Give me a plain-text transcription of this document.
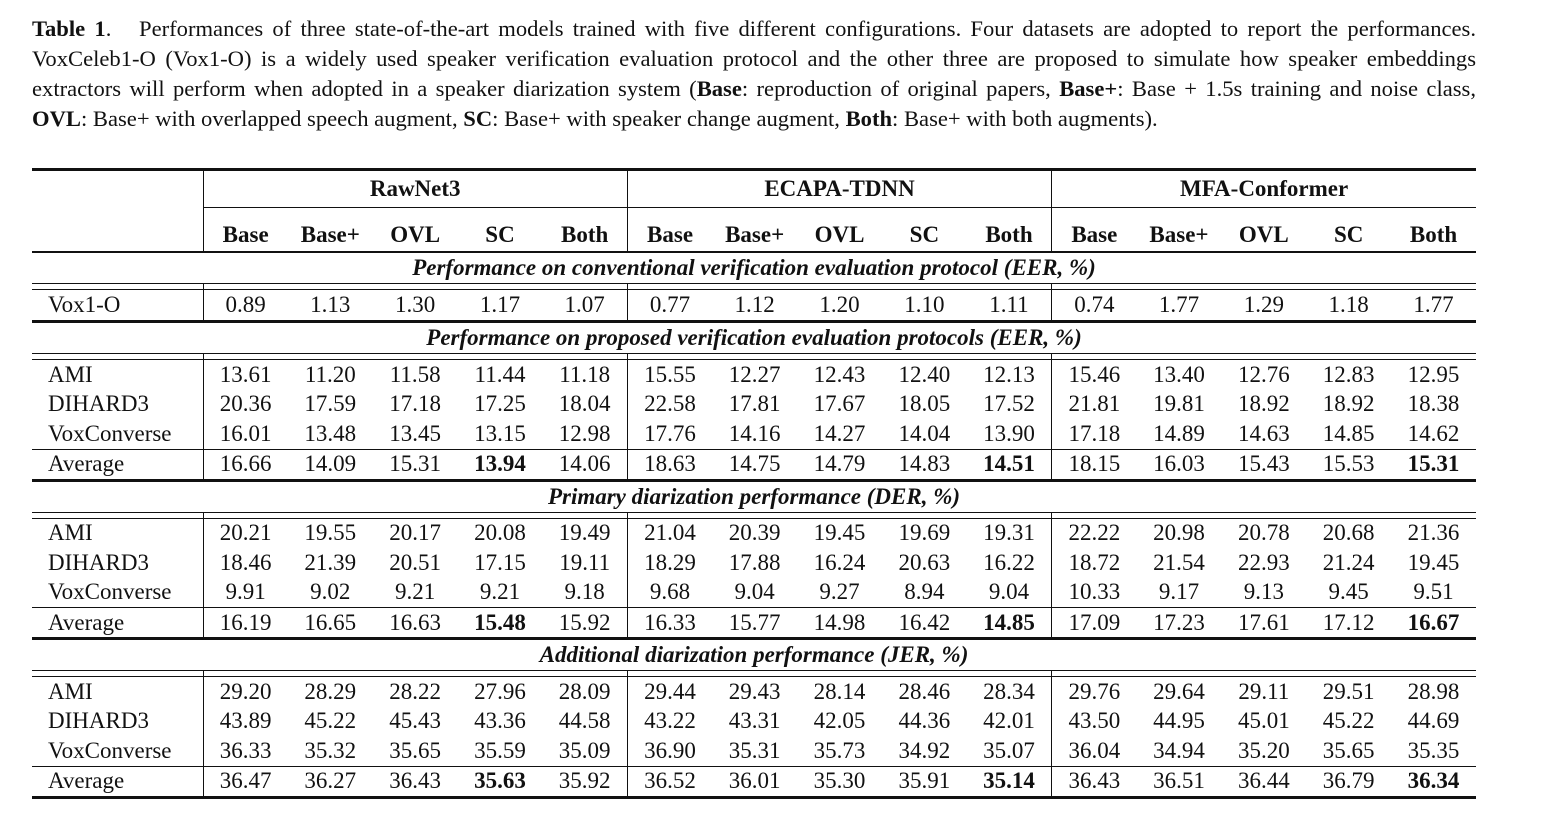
Table 1.   Performances of three state-of-the-art models trained with five different configurations. Four datasets are adopted to report the performances. VoxCeleb1-O (Vox1-O) is a widely used speaker verification evaluation protocol and the other three are proposed to simulate how speaker embeddings extractors will perform when adopted in a speaker diarization system (Base: reproduction of original papers, Base+: Base + 1.5s training and noise class, OVL: Base+ with overlapped speech augment, SC: Base+ with speaker change augment, Both: Base+ with both augments).
	RawNet3					ECAPA-TDNN					MFA-Conformer				
	Base	Base+	OVL	SC	Both	Base	Base+	OVL	SC	Both	Base	Base+	OVL	SC	Both
Performance on conventional verification evaluation protocol (EER, %)															

Vox1-O	0.89	1.13	1.30	1.17	1.07	0.77	1.12	1.20	1.10	1.11	0.74	1.77	1.29	1.18	1.77
Performance on proposed verification evaluation protocols (EER, %)															

AMI	13.61	11.20	11.58	11.44	11.18	15.55	12.27	12.43	12.40	12.13	15.46	13.40	12.76	12.83	12.95
DIHARD3	20.36	17.59	17.18	17.25	18.04	22.58	17.81	17.67	18.05	17.52	21.81	19.81	18.92	18.92	18.38
VoxConverse	16.01	13.48	13.45	13.15	12.98	17.76	14.16	14.27	14.04	13.90	17.18	14.89	14.63	14.85	14.62
Average	16.66	14.09	15.31	13.94	14.06	18.63	14.75	14.79	14.83	14.51	18.15	16.03	15.43	15.53	15.31
Primary diarization performance (DER, %)															

AMI	20.21	19.55	20.17	20.08	19.49	21.04	20.39	19.45	19.69	19.31	22.22	20.98	20.78	20.68	21.36
DIHARD3	18.46	21.39	20.51	17.15	19.11	18.29	17.88	16.24	20.63	16.22	18.72	21.54	22.93	21.24	19.45
VoxConverse	9.91	9.02	9.21	9.21	9.18	9.68	9.04	9.27	8.94	9.04	10.33	9.17	9.13	9.45	9.51
Average	16.19	16.65	16.63	15.48	15.92	16.33	15.77	14.98	16.42	14.85	17.09	17.23	17.61	17.12	16.67
Additional diarization performance (JER, %)															

AMI	29.20	28.29	28.22	27.96	28.09	29.44	29.43	28.14	28.46	28.34	29.76	29.64	29.11	29.51	28.98
DIHARD3	43.89	45.22	45.43	43.36	44.58	43.22	43.31	42.05	44.36	42.01	43.50	44.95	45.01	45.22	44.69
VoxConverse	36.33	35.32	35.65	35.59	35.09	36.90	35.31	35.73	34.92	35.07	36.04	34.94	35.20	35.65	35.35
Average	36.47	36.27	36.43	35.63	35.92	36.52	36.01	35.30	35.91	35.14	36.43	36.51	36.44	36.79	36.34
